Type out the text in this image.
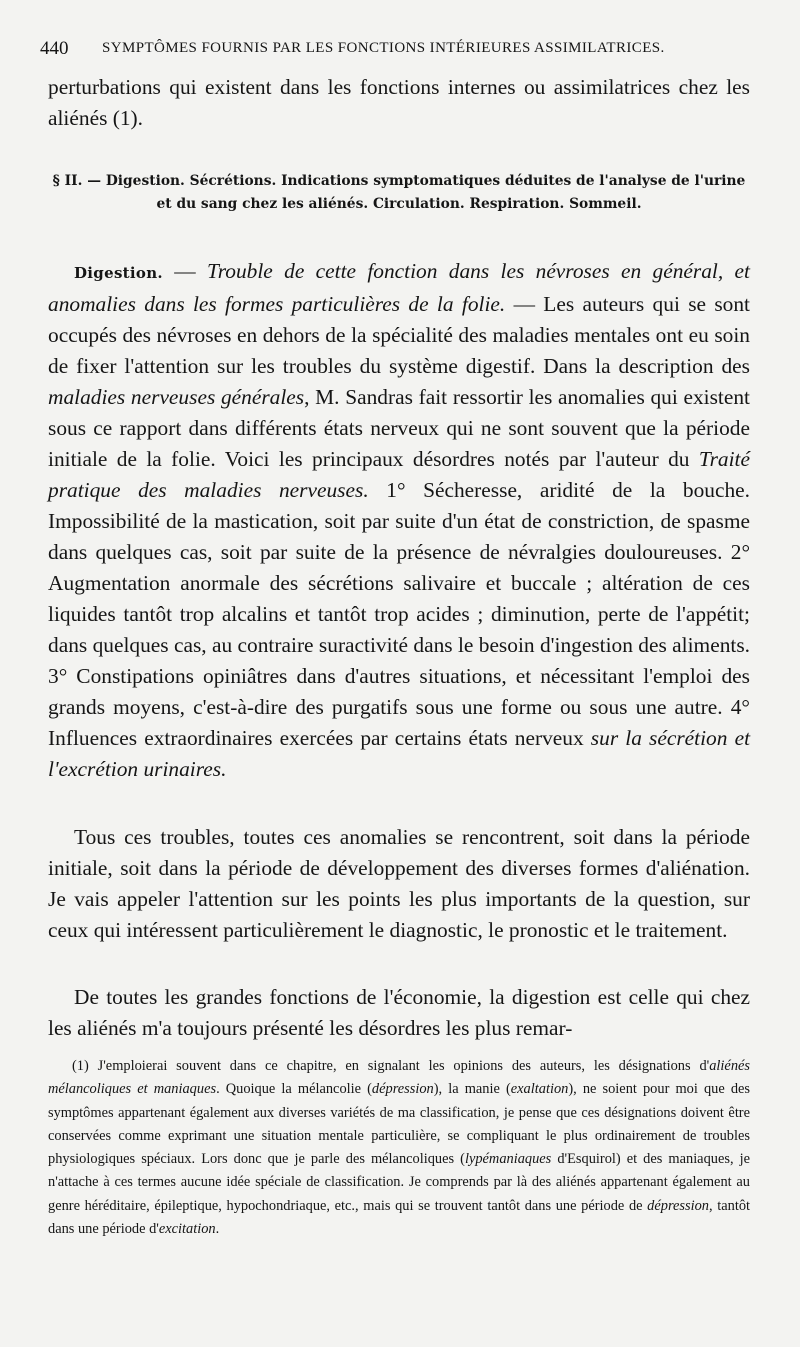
440 SYMPTÔMES FOURNIS PAR LES FONCTIONS INTÉRIEURES ASSIMILATRICES.

perturbations qui existent dans les fonctions internes ou assimilatrices chez les aliénés (1).

§ II. — Digestion. Sécrétions. Indications symptomatiques déduites de l'analyse de l'urine et du sang chez les aliénés. Circulation. Respiration. Sommeil.

Digestion. — Trouble de cette fonction dans les névroses en général, et anomalies dans les formes particulières de la folie. — Les auteurs qui se sont occupés des névroses en dehors de la spécialité des maladies mentales ont eu soin de fixer l'attention sur les troubles du système digestif. Dans la description des maladies nerveuses générales, M. Sandras fait ressortir les anomalies qui existent sous ce rapport dans différents états nerveux qui ne sont souvent que la période initiale de la folie. Voici les principaux désordres notés par l'auteur du Traité pratique des maladies nerveuses. 1° Sécheresse, aridité de la bouche. Impossibilité de la mastication, soit par suite d'un état de constriction, de spasme dans quelques cas, soit par suite de la présence de névralgies douloureuses. 2° Augmentation anormale des sécrétions salivaire et buccale ; altération de ces liquides tantôt trop alcalins et tantôt trop acides ; diminution, perte de l'appétit; dans quelques cas, au contraire suractivité dans le besoin d'ingestion des aliments. 3° Constipations opiniâtres dans d'autres situations, et nécessitant l'emploi des grands moyens, c'est-à-dire des purgatifs sous une forme ou sous une autre. 4° Influences extraordinaires exercées par certains états nerveux sur la sécrétion et l'excrétion urinaires.

Tous ces troubles, toutes ces anomalies se rencontrent, soit dans la période initiale, soit dans la période de développement des diverses formes d'aliénation. Je vais appeler l'attention sur les points les plus importants de la question, sur ceux qui intéressent particulièrement le diagnostic, le pronostic et le traitement.

De toutes les grandes fonctions de l'économie, la digestion est celle qui chez les aliénés m'a toujours présenté les désordres les plus remar-

(1) J'emploierai souvent dans ce chapitre, en signalant les opinions des auteurs, les désignations d'aliénés mélancoliques et maniaques. Quoique la mélancolie (dépression), la manie (exaltation), ne soient pour moi que des symptômes appartenant également aux diverses variétés de ma classification, je pense que ces désignations doivent être conservées comme exprimant une situation mentale particulière, se compliquant le plus ordinairement de troubles physiologiques spéciaux. Lors donc que je parle des mélancoliques (lypémaniaques d'Esquirol) et des maniaques, je n'attache à ces termes aucune idée spéciale de classification. Je comprends par là des aliénés appartenant également au genre héréditaire, épileptique, hypochondriaque, etc., mais qui se trouvent tantôt dans une période de dépression, tantôt dans une période d'excitation.
